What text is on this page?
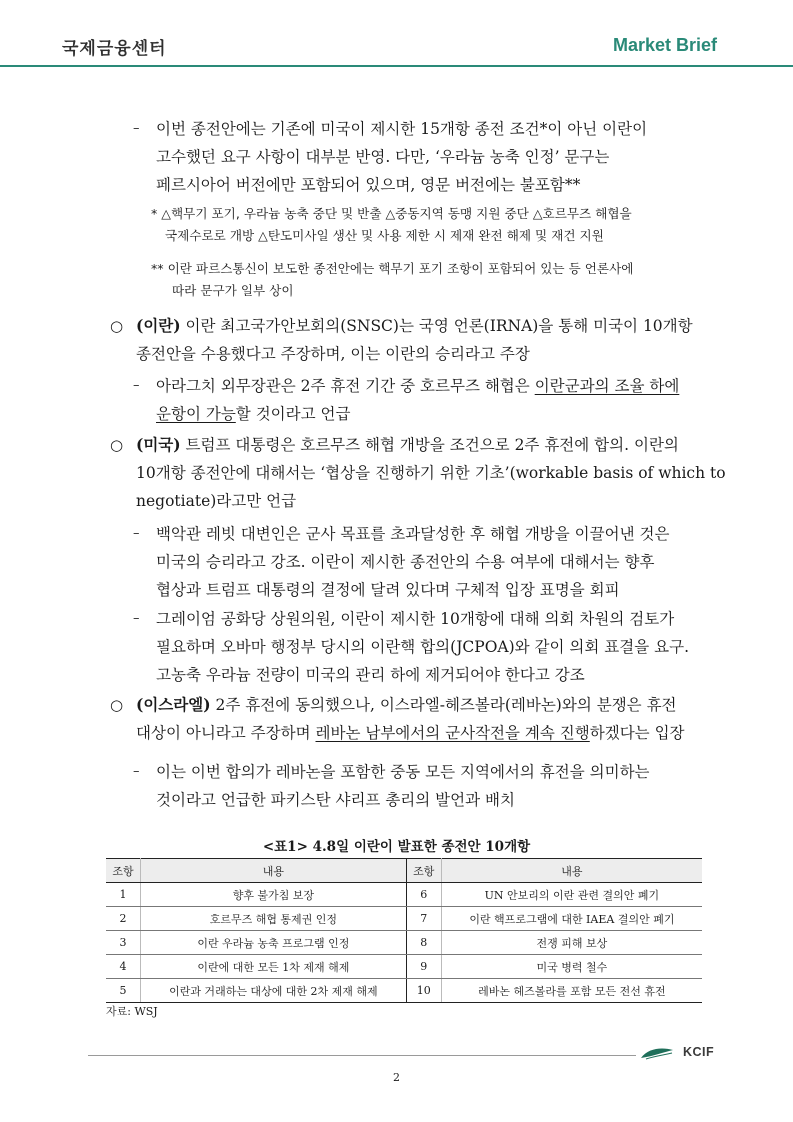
국제금융센터	Market Brief
– 이번 종전안에는 기존에 미국이 제시한 15개항 종전 조건*이 아닌 이란이
고수했던 요구 사항이 대부분 반영. 다만, ‘우라늄 농축 인정’ 문구는
페르시아어 버전에만 포함되어 있으며, 영문 버전에는 불포함**
* △핵무기 포기, 우라늄 농축 중단 및 반출 △중동지역 동맹 지원 중단 △호르무즈 해협을
국제수로로 개방 △탄도미사일 생산 및 사용 제한 시 제재 완전 해제 및 재건 지원
** 이란 파르스통신이 보도한 종전안에는 핵무기 포기 조항이 포함되어 있는 등 언론사에
따라 문구가 일부 상이
○ (이란) 이란 최고국가안보회의(SNSC)는 국영 언론(IRNA)을 통해 미국이 10개항
종전안을 수용했다고 주장하며, 이는 이란의 승리라고 주장
– 아라그치 외무장관은 2주 휴전 기간 중 호르무즈 해협은 이란군과의 조율 하에
운항이 가능할 것이라고 언급
○ (미국) 트럼프 대통령은 호르무즈 해협 개방을 조건으로 2주 휴전에 합의. 이란의
10개항 종전안에 대해서는 ‘협상을 진행하기 위한 기초’(workable basis of which to
negotiate)라고만 언급
– 백악관 레빗 대변인은 군사 목표를 초과달성한 후 해협 개방을 이끌어낸 것은
미국의 승리라고 강조. 이란이 제시한 종전안의 수용 여부에 대해서는 향후
협상과 트럼프 대통령의 결정에 달려 있다며 구체적 입장 표명을 회피
– 그레이엄 공화당 상원의원, 이란이 제시한 10개항에 대해 의회 차원의 검토가
필요하며 오바마 행정부 당시의 이란핵 합의(JCPOA)와 같이 의회 표결을 요구.
고농축 우라늄 전량이 미국의 관리 하에 제거되어야 한다고 강조
○ (이스라엘) 2주 휴전에 동의했으나, 이스라엘-헤즈볼라(레바논)와의 분쟁은 휴전
대상이 아니라고 주장하며 레바논 남부에서의 군사작전을 계속 진행하겠다는 입장
– 이는 이번 합의가 레바논을 포함한 중동 모든 지역에서의 휴전을 의미하는
것이라고 언급한 파키스탄 샤리프 총리의 발언과 배치
<표1> 4.8일 이란이 발표한 종전안 10개항
조항	내용	조항	내용
1	향후 불가침 보장	6	UN 안보리의 이란 관련 결의안 폐기
2	호르무즈 해협 통제권 인정	7	이란 핵프로그램에 대한 IAEA 결의안 폐기
3	이란 우라늄 농축 프로그램 인정	8	전쟁 피해 보상
4	이란에 대한 모든 1차 제재 해제	9	미국 병력 철수
5	이란과 거래하는 대상에 대한 2차 제재 해제	10	레바논 헤즈볼라를 포함 모든 전선 휴전
자료: WSJ
KCIF
2
